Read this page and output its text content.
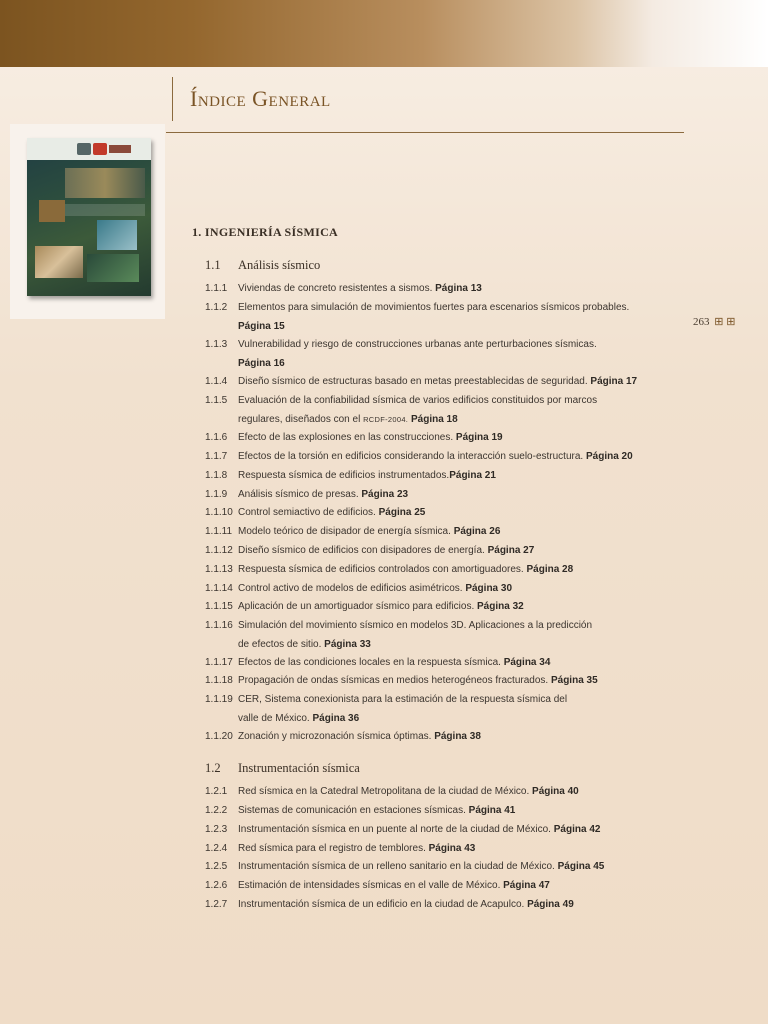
Índice General
263 ⊞ ⊞
1. INGENIERÍA SÍSMICA
1.1 Análisis sísmico
1.1.1 Viviendas de concreto resistentes a sismos. Página 13
1.1.2 Elementos para simulación de movimientos fuertes para escenarios sísmicos probables.
Página 15
1.1.3 Vulnerabilidad y riesgo de construcciones urbanas ante perturbaciones sísmicas.
Página 16
1.1.4 Diseño sísmico de estructuras basado en metas preestablecidas de seguridad. Página 17
1.1.5 Evaluación de la confiabilidad sísmica de varios edificios constituidos por marcos
regulares, diseñados con el RCDF-2004. Página 18
1.1.6 Efecto de las explosiones en las construcciones. Página 19
1.1.7 Efectos de la torsión en edificios considerando la interacción suelo-estructura. Página 20
1.1.8 Respuesta sísmica de edificios instrumentados.Página 21
1.1.9 Análisis sísmico de presas. Página 23
1.1.10 Control semiactivo de edificios. Página 25
1.1.11 Modelo teórico de disipador de energía sísmica. Página 26
1.1.12 Diseño sísmico de edificios con disipadores de energía. Página 27
1.1.13 Respuesta sísmica de edificios controlados con amortiguadores. Página 28
1.1.14 Control activo de modelos de edificios asimétricos. Página 30
1.1.15 Aplicación de un amortiguador sísmico para edificios. Página 32
1.1.16 Simulación del movimiento sísmico en modelos 3D. Aplicaciones a la predicción
de efectos de sitio. Página 33
1.1.17 Efectos de las condiciones locales en la respuesta sísmica. Página 34
1.1.18 Propagación de ondas sísmicas en medios heterogéneos fracturados. Página 35
1.1.19 CER, Sistema conexionista para la estimación de la respuesta sísmica del
valle de México. Página 36
1.1.20 Zonación y microzonación sísmica óptimas. Página 38
1.2 Instrumentación sísmica
1.2.1 Red sísmica en la Catedral Metropolitana de la ciudad de México. Página 40
1.2.2 Sistemas de comunicación en estaciones sísmicas. Página 41
1.2.3 Instrumentación sísmica en un puente al norte de la ciudad de México. Página 42
1.2.4 Red sísmica para el registro de temblores. Página 43
1.2.5 Instrumentación sísmica de un relleno sanitario en la ciudad de México. Página 45
1.2.6 Estimación de intensidades sísmicas en el valle de México. Página 47
1.2.7 Instrumentación sísmica de un edificio en la ciudad de Acapulco. Página 49
